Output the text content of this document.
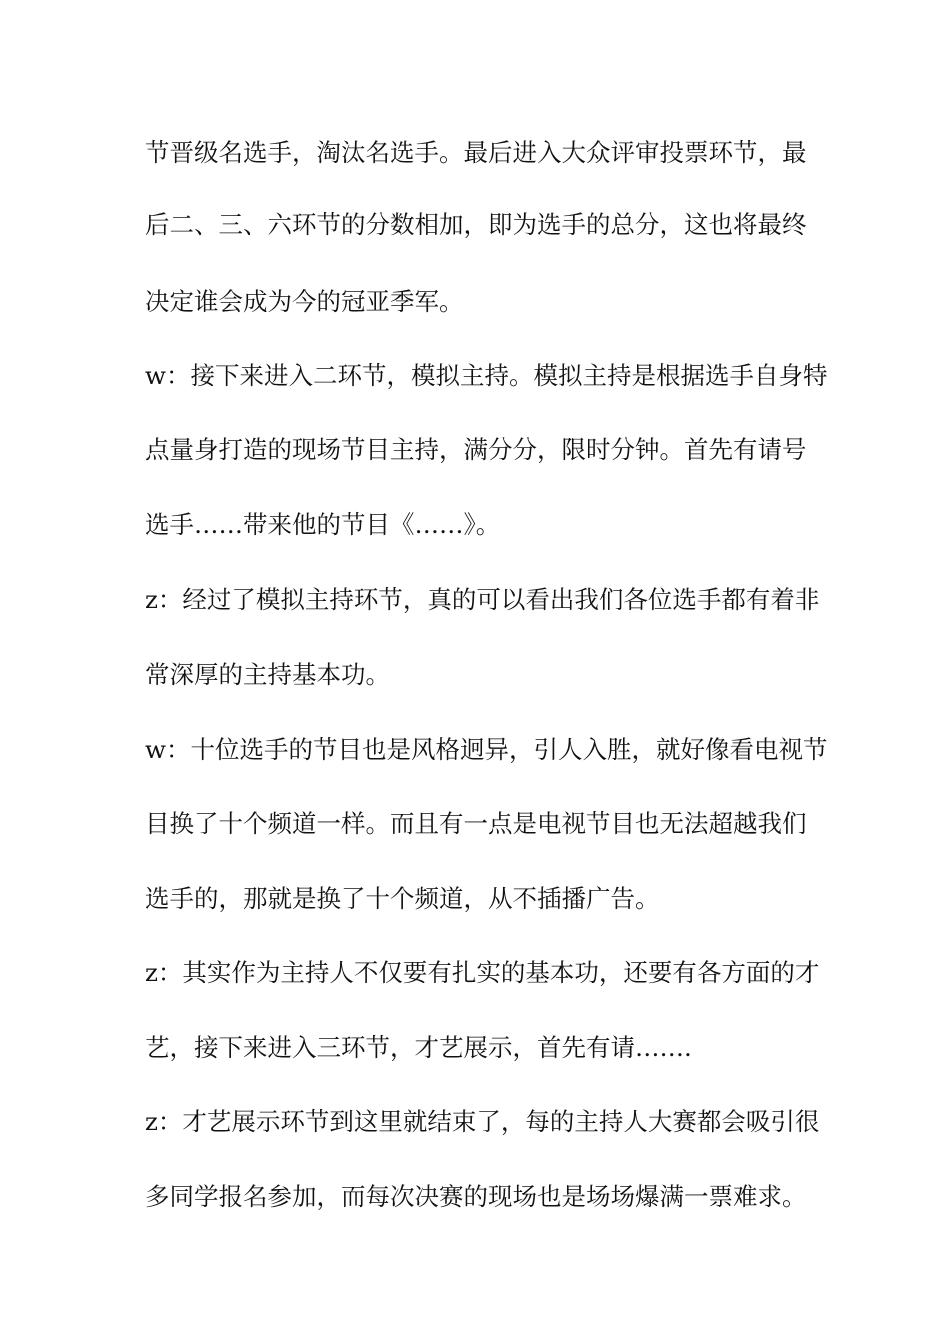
节晋级名选手，淘汰名选手。最后进入大众评审投票环节，最
后二、三、六环节的分数相加，即为选手的总分，这也将最终
决定谁会成为今的冠亚季军。
w：接下来进入二环节，模拟主持。模拟主持是根据选手自身特
点量身打造的现场节目主持，满分分，限时分钟。首先有请号
选手……带来他的节目《……》。
z：经过了模拟主持环节，真的可以看出我们各位选手都有着非
常深厚的主持基本功。
w：十位选手的节目也是风格迥异，引人入胜，就好像看电视节
目换了十个频道一样。而且有一点是电视节目也无法超越我们
选手的，那就是换了十个频道，从不插播广告。
z：其实作为主持人不仅要有扎实的基本功，还要有各方面的才
艺，接下来进入三环节，才艺展示，首先有请…….
z：才艺展示环节到这里就结束了，每的主持人大赛都会吸引很
多同学报名参加，而每次决赛的现场也是场场爆满一票难求。
